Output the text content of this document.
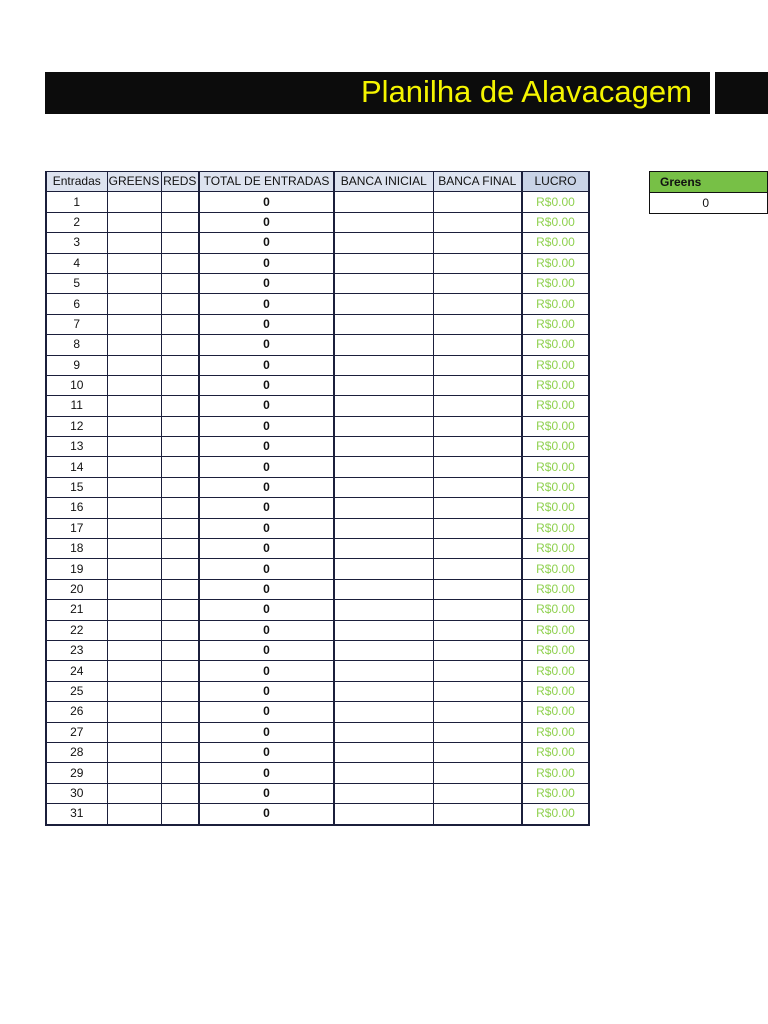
Planilha de Alavacagem
Entradas	GREENS	REDS	TOTAL DE ENTRADAS	BANCA INICIAL	BANCA FINAL	LUCRO
1			0			R$0.00
2			0			R$0.00
3			0			R$0.00
4			0			R$0.00
5			0			R$0.00
6			0			R$0.00
7			0			R$0.00
8			0			R$0.00
9			0			R$0.00
10			0			R$0.00
11			0			R$0.00
12			0			R$0.00
13			0			R$0.00
14			0			R$0.00
15			0			R$0.00
16			0			R$0.00
17			0			R$0.00
18			0			R$0.00
19			0			R$0.00
20			0			R$0.00
21			0			R$0.00
22			0			R$0.00
23			0			R$0.00
24			0			R$0.00
25			0			R$0.00
26			0			R$0.00
27			0			R$0.00
28			0			R$0.00
29			0			R$0.00
30			0			R$0.00
31			0			R$0.00
Greens
0
